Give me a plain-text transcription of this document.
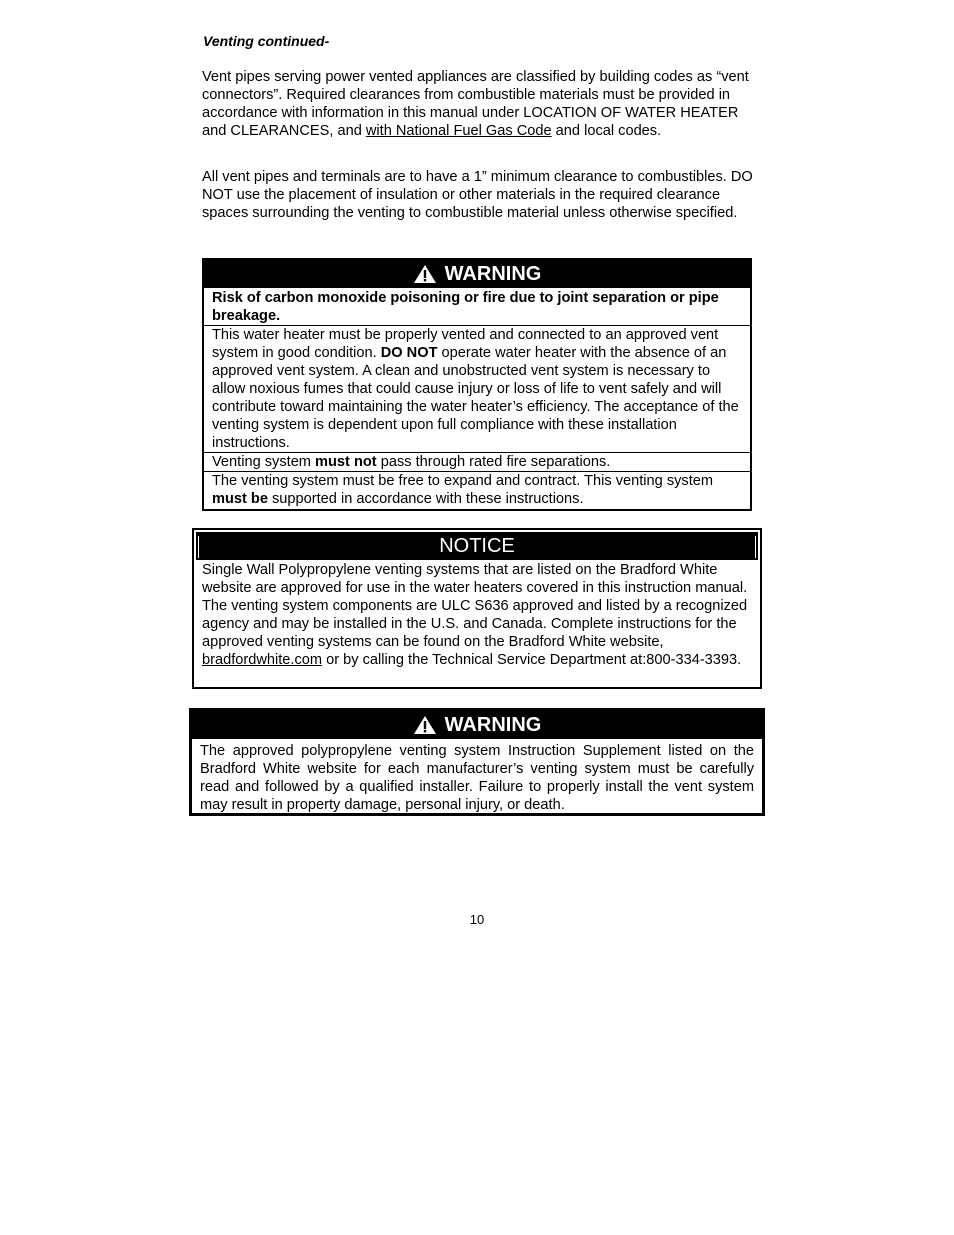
Venting continued-

Vent pipes serving power vented appliances are classified by building codes as “vent connectors”. Required clearances from combustible materials must be provided in accordance with information in this manual under LOCATION OF WATER HEATER and CLEARANCES, and with National Fuel Gas Code and local codes.

All vent pipes and terminals are to have a 1” minimum clearance to combustibles. DO NOT use the placement of insulation or other materials in the required clearance spaces surrounding the venting to combustible material unless otherwise specified.

WARNING
Risk of carbon monoxide poisoning or fire due to joint separation or pipe breakage.
This water heater must be properly vented and connected to an approved vent system in good condition. DO NOT operate water heater with the absence of an approved vent system. A clean and unobstructed vent system is necessary to allow noxious fumes that could cause injury or loss of life to vent safely and will contribute toward maintaining the water heater’s efficiency. The acceptance of the venting system is dependent upon full compliance with these installation instructions.
Venting system must not pass through rated fire separations.
The venting system must be free to expand and contract. This venting system must be supported in accordance with these instructions.
NOTICE
Single Wall Polypropylene venting systems that are listed on the Bradford White website are approved for use in the water heaters covered in this instruction manual. The venting system components are ULC S636 approved and listed by a recognized agency and may be installed in the U.S. and Canada. Complete instructions for the approved venting systems can be found on the Bradford White website, bradfordwhite.com or by calling the Technical Service Department at:800-334-3393.
WARNING
The approved polypropylene venting system Instruction Supplement listed on the Bradford White website for each manufacturer’s venting system must be carefully read and followed by a qualified installer. Failure to properly install the vent system may result in property damage, personal injury, or death.
10
